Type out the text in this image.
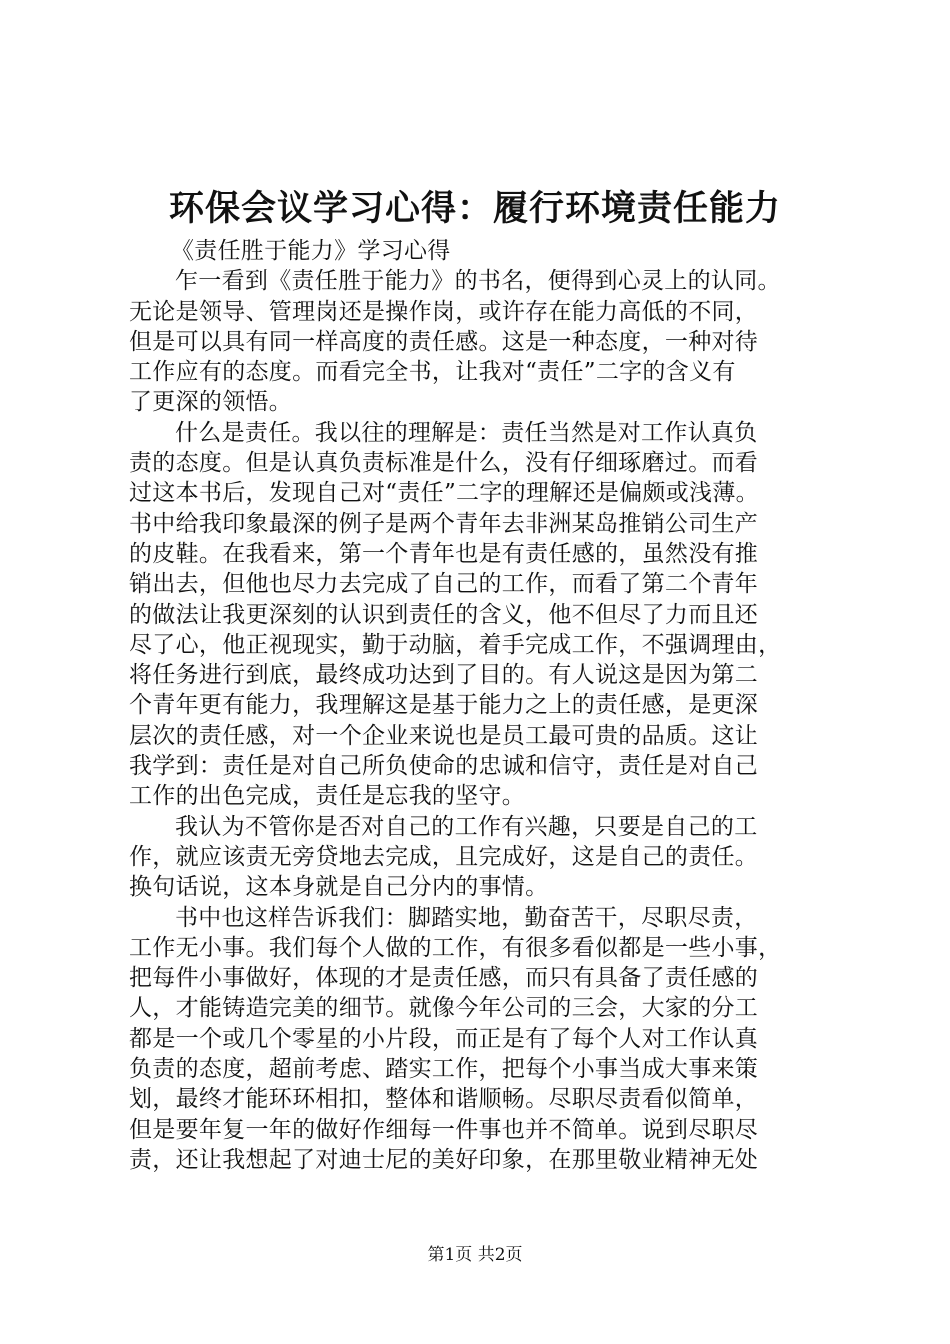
环保会议学习心得：履行环境责任能力
《责任胜于能力》学习心得
乍一看到《责任胜于能力》的书名，便得到心灵上的认同。
无论是领导、管理岗还是操作岗，或许存在能力高低的不同，
但是可以具有同一样高度的责任感。这是一种态度，一种对待
工作应有的态度。而看完全书，让我对“责任”二字的含义有
了更深的领悟。
什么是责任。我以往的理解是：责任当然是对工作认真负
责的态度。但是认真负责标准是什么，没有仔细琢磨过。而看
过这本书后，发现自己对“责任”二字的理解还是偏颇或浅薄。
书中给我印象最深的例子是两个青年去非洲某岛推销公司生产
的皮鞋。在我看来，第一个青年也是有责任感的，虽然没有推
销出去，但他也尽力去完成了自己的工作，而看了第二个青年
的做法让我更深刻的认识到责任的含义，他不但尽了力而且还
尽了心，他正视现实，勤于动脑，着手完成工作，不强调理由，
将任务进行到底，最终成功达到了目的。有人说这是因为第二
个青年更有能力，我理解这是基于能力之上的责任感，是更深
层次的责任感，对一个企业来说也是员工最可贵的品质。这让
我学到：责任是对自己所负使命的忠诚和信守，责任是对自己
工作的出色完成，责任是忘我的坚守。
我认为不管你是否对自己的工作有兴趣，只要是自己的工
作，就应该责无旁贷地去完成，且完成好，这是自己的责任。
换句话说，这本身就是自己分内的事情。
书中也这样告诉我们：脚踏实地，勤奋苦干，尽职尽责，
工作无小事。我们每个人做的工作，有很多看似都是一些小事，
把每件小事做好，体现的才是责任感，而只有具备了责任感的
人，才能铸造完美的细节。就像今年公司的三会，大家的分工
都是一个或几个零星的小片段，而正是有了每个人对工作认真
负责的态度，超前考虑、踏实工作，把每个小事当成大事来策
划，最终才能环环相扣，整体和谐顺畅。尽职尽责看似简单，
但是要年复一年的做好作细每一件事也并不简单。说到尽职尽
责，还让我想起了对迪士尼的美好印象，在那里敬业精神无处
第1页 共2页
